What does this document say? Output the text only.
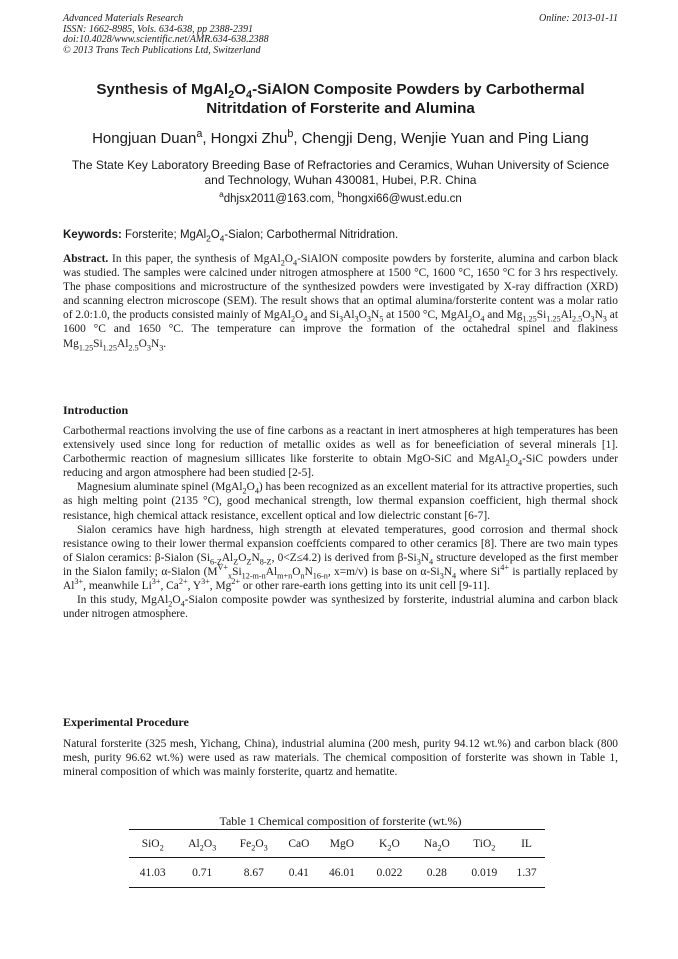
Advanced Materials Research
ISSN: 1662-8985, Vols. 634-638, pp 2388-2391
doi:10.4028/www.scientific.net/AMR.634-638.2388
© 2013 Trans Tech Publications Ltd, Switzerland
Online: 2013-01-11
Synthesis of $MgAl_2O_4$-SiAlON Composite Powders by Carbothermal Nitritdation of Forsterite and Alumina
Hongjuan Duan$^a$, Hongxi Zhu$^b$, Chengji Deng, Wenjie Yuan and Ping Liang
The State Key Laboratory Breeding Base of Refractories and Ceramics, Wuhan University of Science and Technology, Wuhan 430081, Hubei, P.R. China
$^a$dhjsx2011@163.com, $^b$hongxi66@wust.edu.cn
Keywords: Forsterite; $MgAl_2O_4$-Sialon; Carbothermal Nitridration.

Abstract. In this paper, the synthesis of $MgAl_2O_4$-SiAlON composite powders by forsterite, alumina and carbon black was studied. The samples were calcined under nitrogen atmosphere at 1500 °C, 1600 °C, 1650 °C for 3 hrs respectively. The phase compositions and microstructure of the synthesized powders were investigated by X-ray diffraction (XRD) and scanning electron microscope (SEM). The result shows that an optimal alumina/forsterite content was a molar ratio of 2.0:1.0, the products consisted mainly of $MgAl_2O_4$ and $Si_3Al_3O_3N_5$ at 1500 °C, $MgAl_2O_4$ and $Mg_{1.25}Si_{1.25}Al_{2.5}O_3N_3$ at 1600 °C and 1650 °C. The temperature can improve the formation of the octahedral spinel and flakiness $Mg_{1.25}Si_{1.25}Al_{2.5}O_3N_3$.

Introduction

Carbothermal reactions involving the use of fine carbons as a reactant in inert atmospheres at high temperatures has been extensively used since long for reduction of metallic oxides as well as for beneeficiation of several minerals [1]. Carbothermic reaction of magnesium sillicates like forsterite to obtain MgO-SiC and $MgAl_2O_4$-SiC powders under reducing and argon atmosphere had been studied [2-5].

Magnesium aluminate spinel $(MgAl_2O_4)$ has been recognized as an excellent material for its attractive properties, such as high melting point (2135 °C), good mechanical strength, low thermal expansion coefficient, high thermal shock resistance, high chemical attack resistance, excellent optical and low dielectric constant [6-7].

Sialon ceramics have high hardness, high strength at elevated temperatures, good corrosion and thermal shock resistance owing to their lower thermal expansion coeffcients compared to other ceramics [8]. There are two main types of Sialon ceramics: β-Sialon ($Si_{6-Z}Al_ZO_ZN_{8-Z}$, 0<Z≤4.2) is derived from $\beta-Si_3N_4$ structure developed as the first member in the Sialon family; α-Sialon ($M^{V+}_xSi_{12-m-n}Al_{m+n}O_nN_{16-n}$, x=m/v) is base on $\alpha-Si_3N_4$ where $Si^{4+}$ is partially replaced by $Al^{3+}$, meanwhile $Li^{3+}$, $Ca^{2+}$, $Y^{3+}$, $Mg^{2+}$ or other rare-earth ions getting into its unit cell [9-11].

In this study, $MgAl_2O_4$-Sialon composite powder was synthesized by forsterite, industrial alumina and carbon black under nitrogen atmosphere.

Experimental Procedure

Natural forsterite (325 mesh, Yichang, China), industrial alumina (200 mesh, purity 94.12 wt.%) and carbon black (800 mesh, purity 96.62 wt.%) were used as raw materials. The chemical composition of forsterite was shown in Table 1, mineral composition of which was mainly forsterite, quartz and hematite.

Table 1 Chemical composition of forsterite (wt.%)
SiO$_2$	$Al_2O_3$	$Fe_2O_3$	CaO	MgO	$K_2O$	$Na_2O$	TiO$_2$	IL
41.03	0.71	8.67	0.41	46.01	0.022	0.28	0.019	1.37
